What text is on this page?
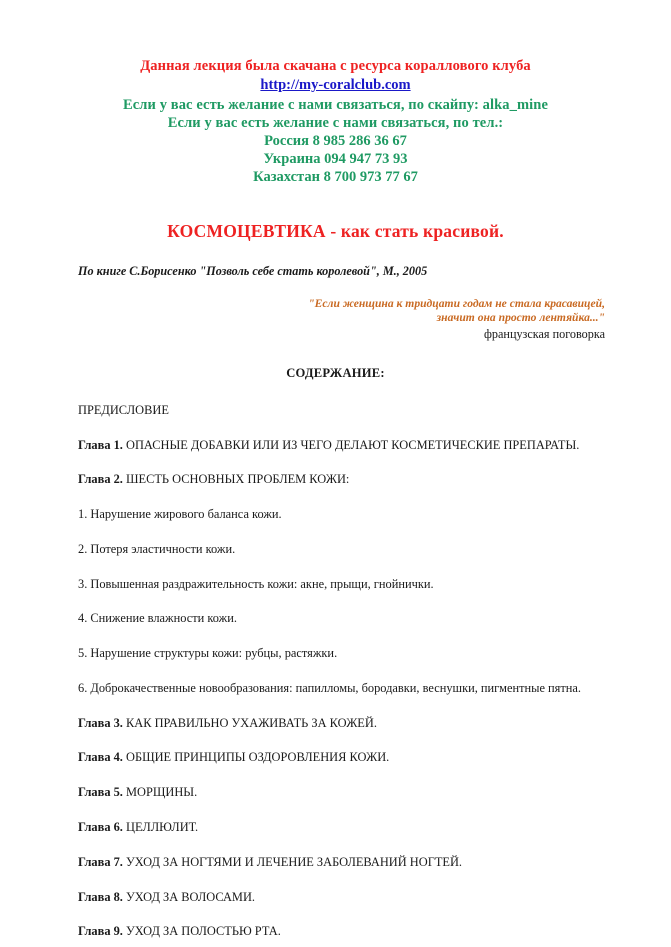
Данная лекция была скачана с ресурса кораллового клуба

http://my-coralclub.com

Если у вас есть желание с нами связаться, по скайпу: alka_mine

Если у вас есть желание с нами связаться, по тел.:

Россия 8 985 286 36 67

Украина 094 947 73 93

Казахстан 8 700 973 77 67

КОСМОЦЕВТИКА - как стать красивой.

По книге С.Борисенко "Позволь себе стать королевой", М., 2005

"Если женщина к тридцати годам не стала красавицей,

значит она просто лентяйка..."

французская поговорка

СОДЕРЖАНИЕ:
ПРЕДИСЛОВИЕ
Глава 1. ОПАСНЫЕ ДОБАВКИ ИЛИ ИЗ ЧЕГО ДЕЛАЮТ КОСМЕТИЧЕСКИЕ ПРЕПАРАТЫ.
Глава 2. ШЕСТЬ ОСНОВНЫХ ПРОБЛЕМ КОЖИ:
1. Нарушение жирового баланса кожи.
2. Потеря эластичности кожи.
3. Повышенная раздражительность кожи: акне, прыщи, гнойнички.
4. Снижение влажности кожи.
5. Нарушение структуры кожи: рубцы, растяжки.
6. Доброкачественные новообразования: папилломы, бородавки, веснушки, пигментные пятна.
Глава 3. КАК ПРАВИЛЬНО УХАЖИВАТЬ ЗА КОЖЕЙ.
Глава 4. ОБЩИЕ ПРИНЦИПЫ ОЗДОРОВЛЕНИЯ КОЖИ.
Глава 5. МОРЩИНЫ.
Глава 6. ЦЕЛЛЮЛИТ.
Глава 7. УХОД ЗА НОГТЯМИ И ЛЕЧЕНИЕ ЗАБОЛЕВАНИЙ НОГТЕЙ.
Глава 8. УХОД ЗА ВОЛОСАМИ.
Глава 9. УХОД ЗА ПОЛОСТЬЮ РТА.
